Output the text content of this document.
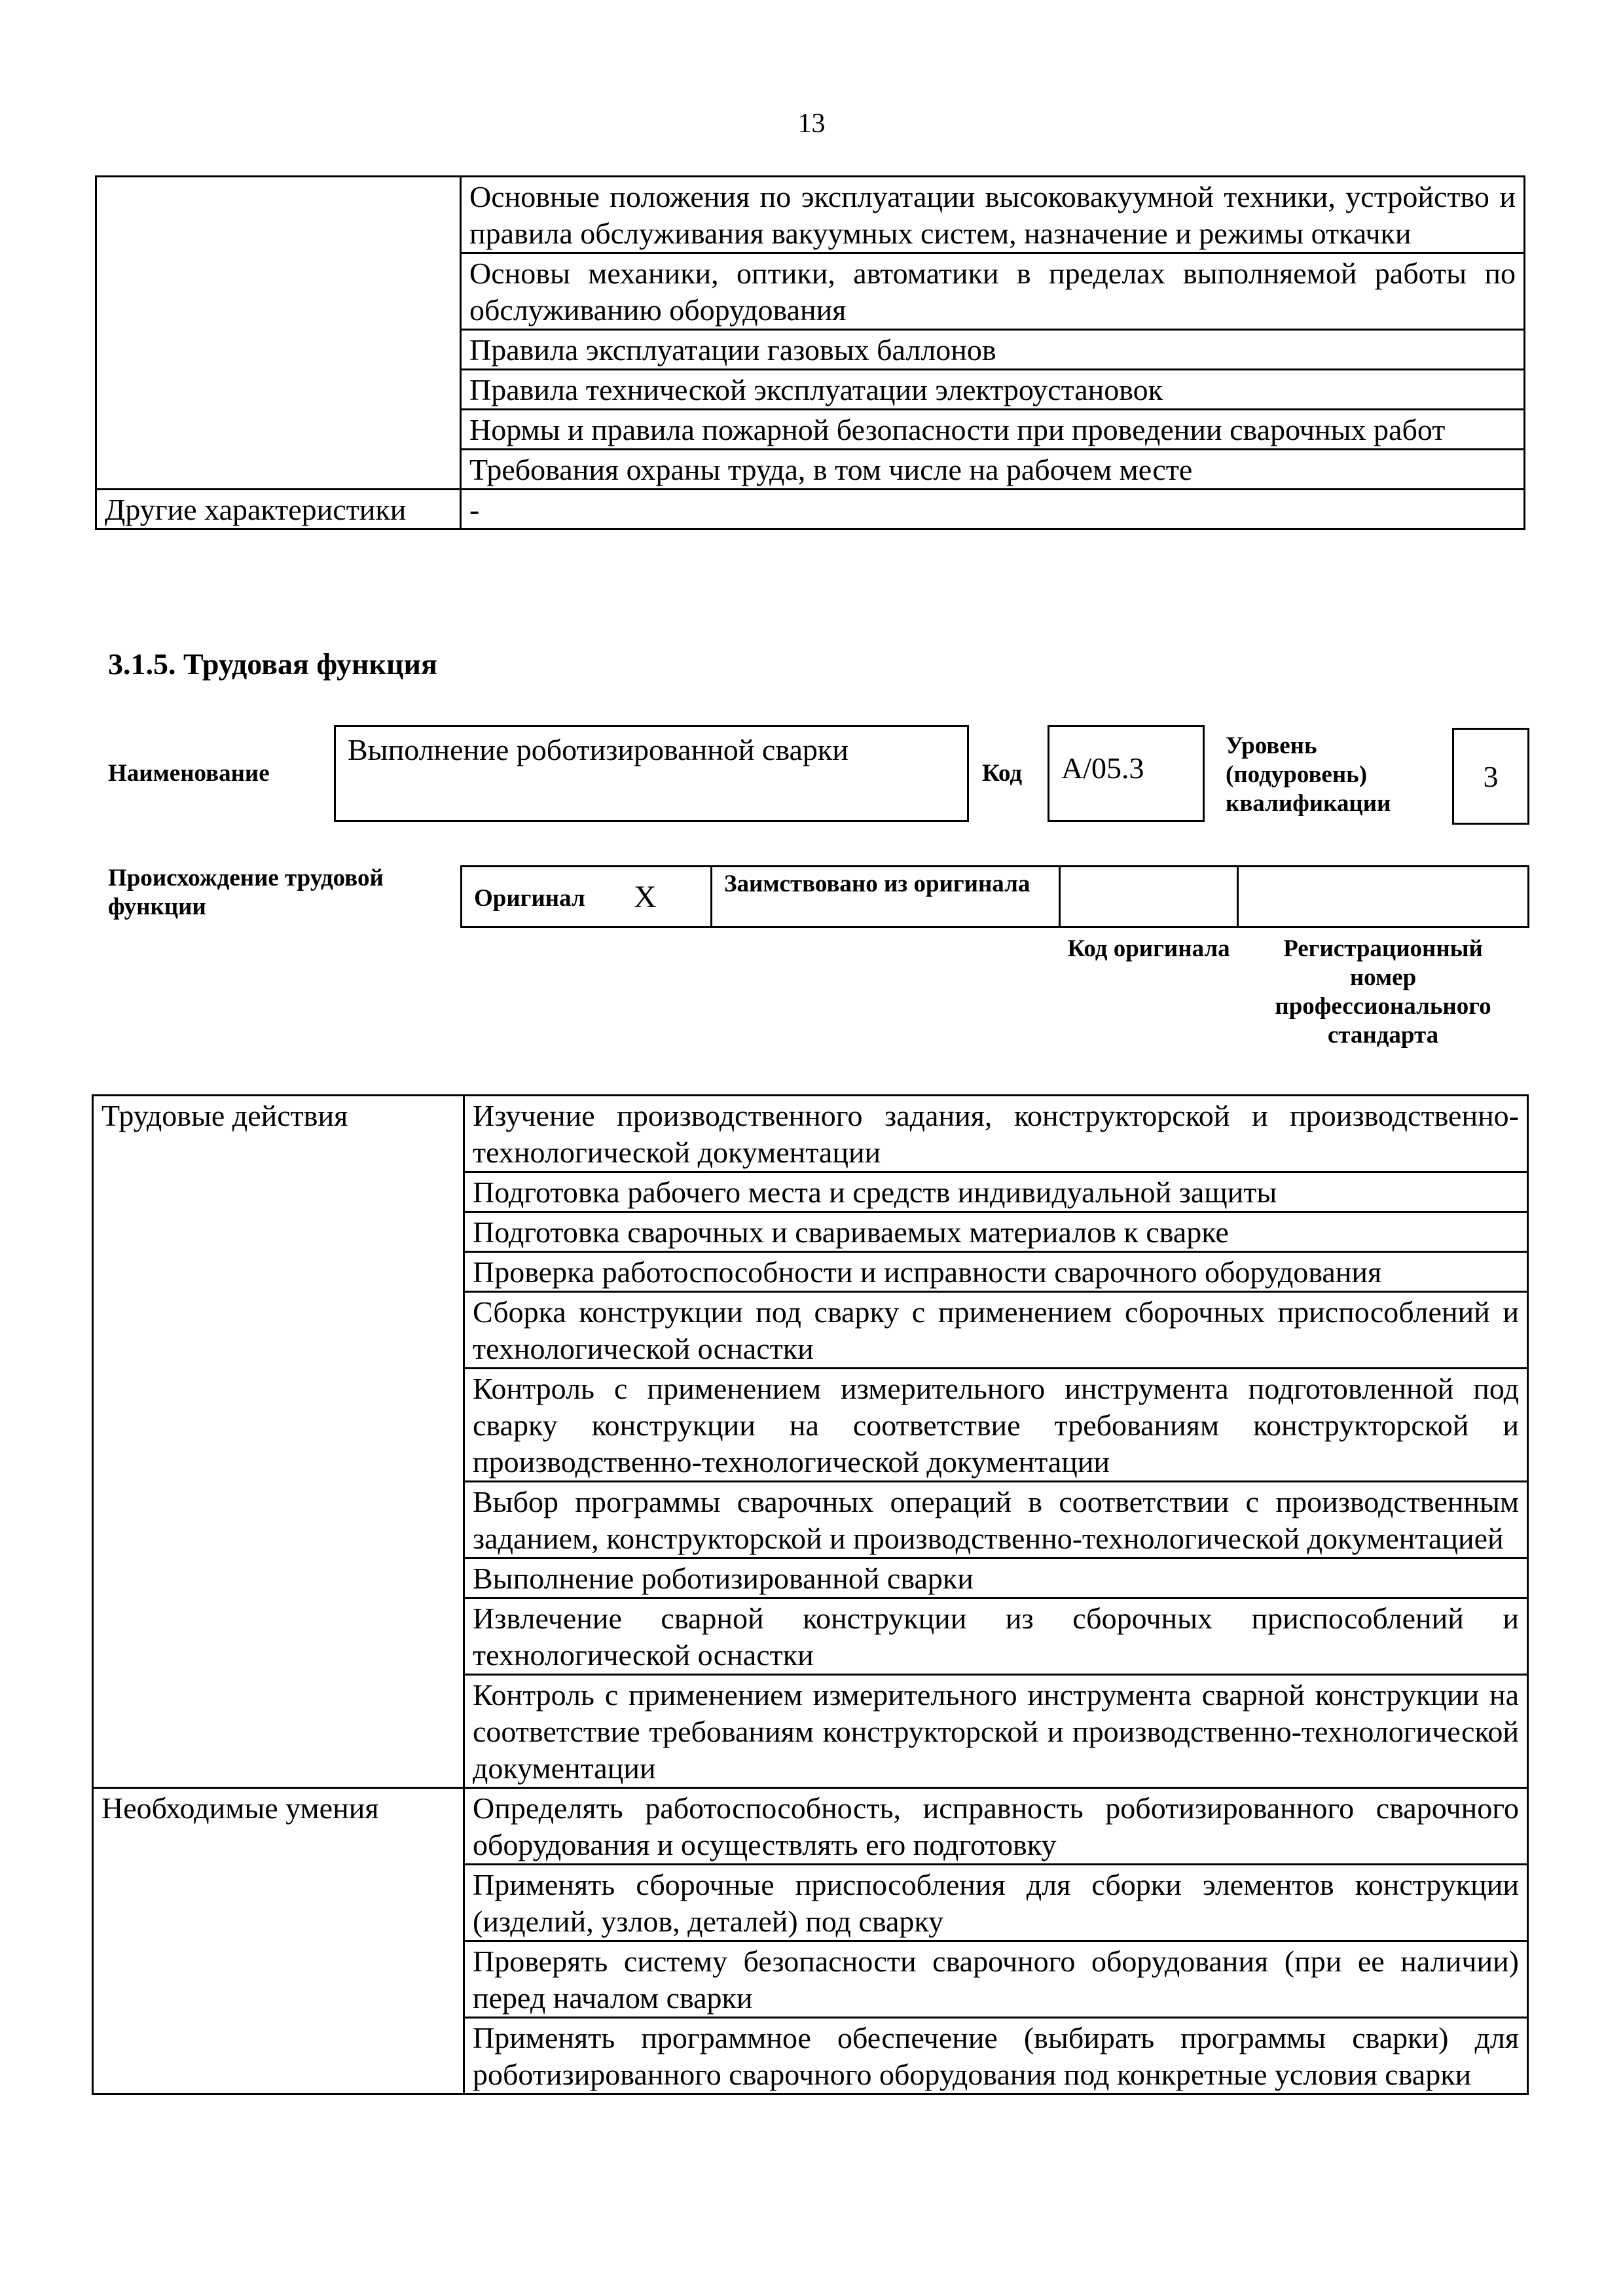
13
	Основные положения по эксплуатации высоковакуумной техники, устройство и правила обслуживания вакуумных систем, назначение и режимы откачки
	Основы механики, оптики, автоматики в пределах выполняемой работы по обслуживанию оборудования
	Правила эксплуатации газовых баллонов
	Правила технической эксплуатации электроустановок
	Нормы и правила пожарной безопасности при проведении сварочных работ
	Требования охраны труда, в том числе на рабочем месте
Другие характеристики	-
3.1.5. Трудовая функция
Наименование
Выполнение роботизированной сварки
Код	A/05.3
Уровень (подуровень) квалификации
3
Происхождение трудовой функции	Оригинал X	Заимствовано из оригинала
Код оригинала	Регистрационный номер профессионального стандарта
Трудовые действия	Изучение производственного задания, конструкторской и производственно-технологической документации
	Подготовка рабочего места и средств индивидуальной защиты
	Подготовка сварочных и свариваемых материалов к сварке
	Проверка работоспособности и исправности сварочного оборудования
	Сборка конструкции под сварку с применением сборочных приспособлений и технологической оснастки
	Контроль с применением измерительного инструмента подготовленной под сварку конструкции на соответствие требованиям конструкторской и производственно-технологической документации
	Выбор программы сварочных операций в соответствии с производственным заданием, конструкторской и производственно-технологической документацией
	Выполнение роботизированной сварки
	Извлечение сварной конструкции из сборочных приспособлений и технологической оснастки
	Контроль с применением измерительного инструмента сварной конструкции на соответствие требованиям конструкторской и производственно-технологической документации
Необходимые умения	Определять работоспособность, исправность роботизированного сварочного оборудования и осуществлять его подготовку
	Применять сборочные приспособления для сборки элементов конструкции (изделий, узлов, деталей) под сварку
	Проверять систему безопасности сварочного оборудования (при ее наличии) перед началом сварки
	Применять программное обеспечение (выбирать программы сварки) для роботизированного сварочного оборудования под конкретные условия сварки
